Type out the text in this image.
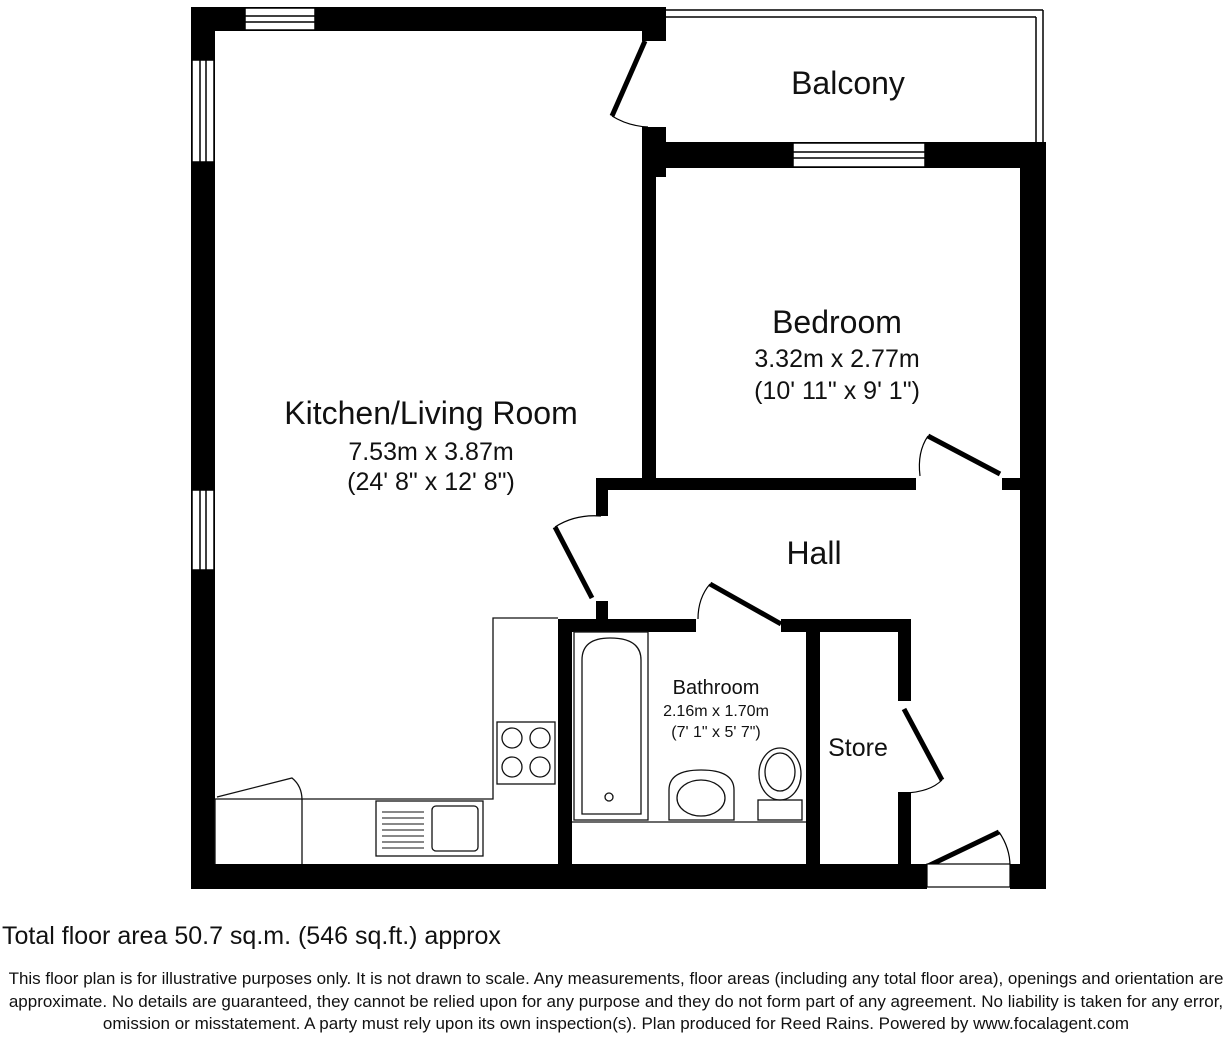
Balcony
Kitchen/Living Room
7.53m x 3.87m
(24' 8" x 12' 8")
Bedroom
3.32m x 2.77m
(10' 11" x 9' 1")
Hall
Bathroom
2.16m x 1.70m
(7' 1" x 5' 7")
Store
Total floor area 50.7 sq.m. (546 sq.ft.) approx
This floor plan is for illustrative purposes only. It is not drawn to scale. Any measurements, floor areas (including any total floor area), openings and orientation are approximate. No details are guaranteed, they cannot be relied upon for any purpose and they do not form part of any agreement. No liability is taken for any error, omission or misstatement. A party must rely upon its own inspection(s). Plan produced for Reed Rains. Powered by www.focalagent.com
